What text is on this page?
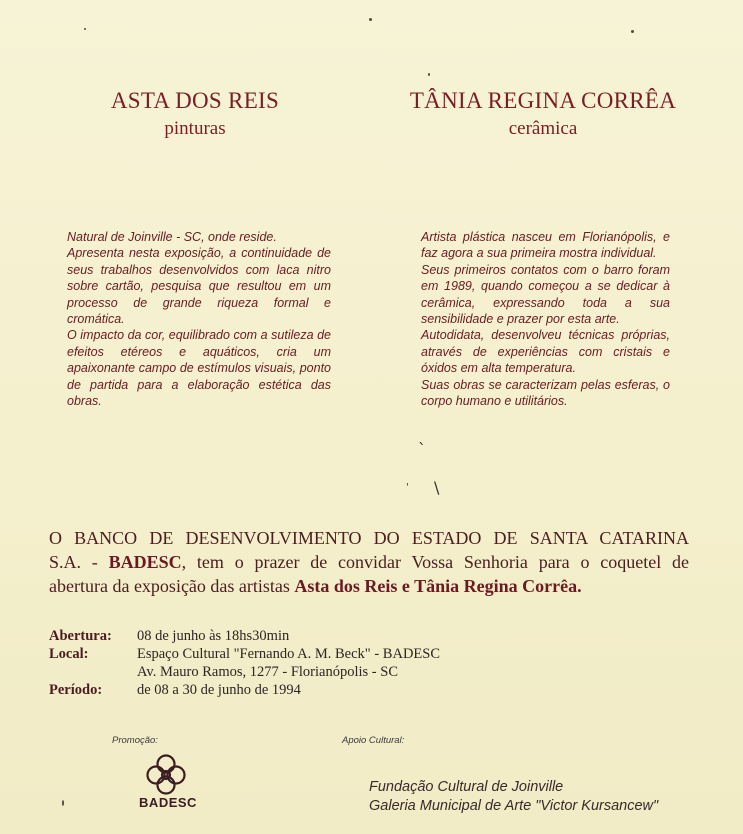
ASTA DOS REIS
pinturas
TÂNIA REGINA CORRÊA
cerâmica

Natural de Joinville - SC, onde reside.

Apresenta nesta exposição, a continuidade de seus trabalhos desenvolvidos com laca nitro sobre cartão, pesquisa que resultou em um processo de grande riqueza formal e cromática.

O impacto da cor, equilibrado com a sutileza de efeitos etéreos e aquáticos, cria um apaixonante campo de estímulos visuais, ponto de partida para a elaboração estética das obras.

Artista plástica nasceu em Florianópolis, e faz agora a sua primeira mostra individual.

Seus primeiros contatos com o barro foram em 1989, quando começou a se dedicar à cerâmica, expressando toda a sua sensibilidade e prazer por esta arte.

Autodidata, desenvolveu técnicas próprias, através de experiências com cristais e óxidos em alta temperatura.

Suas obras se caracterizam pelas esferas, o corpo humano e utilitários.

`
\
'

O BANCO DE DESENVOLVIMENTO DO ESTADO DE SANTA CATARINA

S.A. - BADESC, tem o prazer de convidar Vossa Senhoria para o coquetel de

abertura da exposição das artistas Asta dos Reis e Tânia Regina Corrêa.

Abertura:	08 de junho às 18hs30min
Local:	Espaço Cultural "Fernando A. M. Beck" - BADESC
Av. Mauro Ramos, 1277 - Florianópolis - SC
Período:	de 08 a 30 de junho de 1994
Promoção:	Apoio Cultural:
BADESC
Fundação Cultural de Joinville
Galeria Municipal de Arte "Victor Kursancew"
